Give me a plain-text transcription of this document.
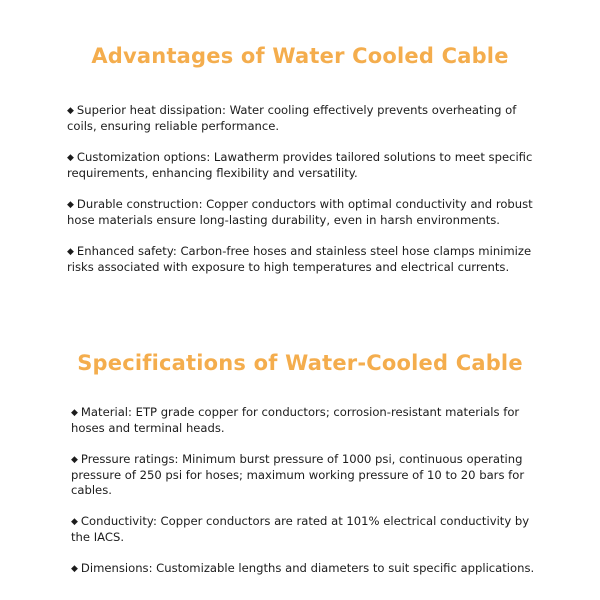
Advantages of Water Cooled Cable
◆ Superior heat dissipation: Water cooling effectively prevents overheating of coils, ensuring reliable performance.
◆ Customization options: Lawatherm provides tailored solutions to meet specific requirements, enhancing flexibility and versatility.
◆ Durable construction: Copper conductors with optimal conductivity and robust hose materials ensure long-lasting durability, even in harsh environments.
◆ Enhanced safety: Carbon-free hoses and stainless steel hose clamps minimize risks associated with exposure to high temperatures and electrical currents.
Specifications of Water-Cooled Cable
◆ Material: ETP grade copper for conductors; corrosion-resistant materials for hoses and terminal heads.
◆ Pressure ratings: Minimum burst pressure of 1000 psi, continuous operating pressure of 250 psi for hoses; maximum working pressure of 10 to 20 bars for cables.
◆ Conductivity: Copper conductors are rated at 101% electrical conductivity by the IACS.
◆ Dimensions: Customizable lengths and diameters to suit specific applications.
